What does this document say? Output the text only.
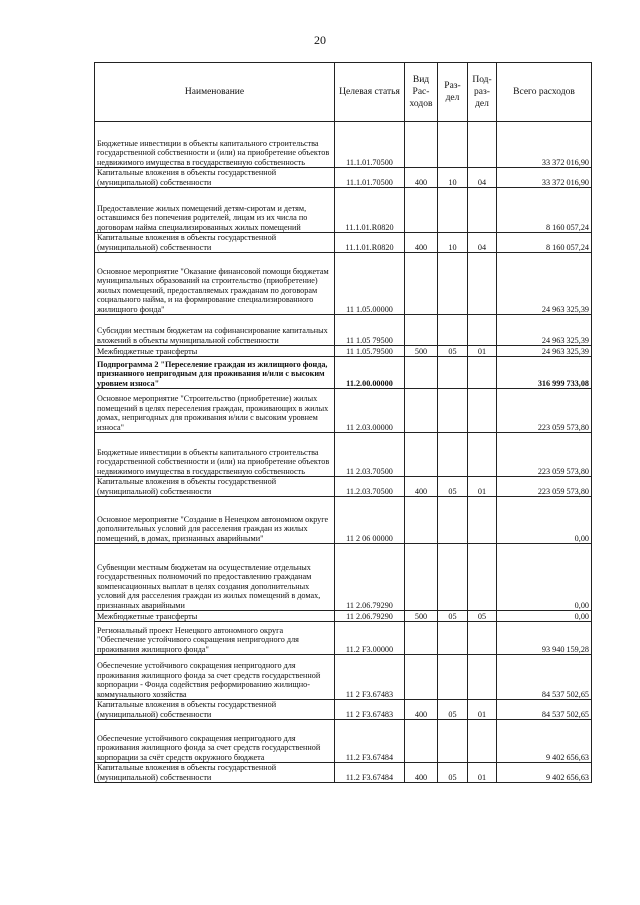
20
Наименование	Целевая статья	Вид Рас-ходов	Раз-дел	Под-раз-дел	Всего расходов
Бюджетные инвестиции в объекты капитального строительства государственной собственности и (или) на приобретение объектов недвижимого имущества в государственную собственность	11.1.01.70500				33 372 016,90
Капитальные вложения в объекты государственной (муниципальной) собственности	11.1.01.70500	400	10	04	33 372 016,90
Предоставление жилых помещений детям-сиротам и детям, оставшимся без попечения родителей, лицам из их числа по договорам найма специализированных жилых помещений	11.1.01.R0820				8 160 057,24
Капитальные вложения в объекты государственной (муниципальной) собственности	11.1.01.R0820	400	10	04	8 160 057,24
Основное мероприятие "Оказание финансовой помощи бюджетам муниципальных образований на строительство (приобретение) жилых помещений, предоставляемых гражданам по договорам социального найма, и на формирование специализированного жилищного фонда"	11 1.05.00000				24 963 325,39
Субсидии местным бюджетам на софинансирование капитальных вложений в объекты муниципальной собственности	11 1.05 79500				24 963 325,39
Межбюджетные трансферты	11 1.05.79500	500	05	01	24 963 325,39
Подпрограмма 2 "Переселение граждан из жилищного фонда, признанного непригодным для проживания и/или с высоким уровнем износа"	11.2.00.00000				316 999 733,08
Основное мероприятие "Строительство (приобретение) жилых помещений в целях переселения граждан, проживающих в жилых домах, непригодных для проживания и/или с высоким уровнем износа"	11 2.03.00000				223 059 573,80
Бюджетные инвестиции в объекты капитального строительства государственной собственности и (или) на приобретение объектов недвижимого имущества в государственную собственность	11 2.03.70500				223 059 573,80
Капитальные вложения в объекты государственной (муниципальной) собственности	11.2.03.70500	400	05	01	223 059 573,80
Основное мероприятие "Создание в Ненецком автономном округе дополнительных условий для расселения граждан из жилых помещений, в домах, признанных аварийными"	11 2 06 00000				0,00
Субвенции местным бюджетам на осуществление отдельных государственных полномочий по предоставлению гражданам компенсационных выплат в целях создания дополнительных условий для расселения граждан из жилых помещений в домах, признанных аварийными	11 2.06.79290				0,00
Межбюджетные трансферты	11 2.06.79290	500	05	05	0,00
Региональный проект Ненецкого автономного округа "Обеспечение устойчивого сокращения непригодного для проживания жилищного фонда"	11.2 F3.00000				93 940 159,28
Обеспечение устойчивого сокращения непригодного для проживания жилищного фонда за счет средств государственной корпорации - Фонда содействия реформированию жилищно-коммунального хозяйства	11 2 F3.67483				84 537 502,65
Капитальные вложения в объекты государственной (муниципальной) собственности	11 2 F3.67483	400	05	01	84 537 502,65
Обеспечение устойчивого сокращения непригодного для проживания жилищного фонда за счет средств государственной корпорации за счёт средств окружного бюджета	11.2 F3.67484				9 402 656,63
Капитальные вложения в объекты государственной (муниципальной) собственности	11.2 F3.67484	400	05	01	9 402 656,63
